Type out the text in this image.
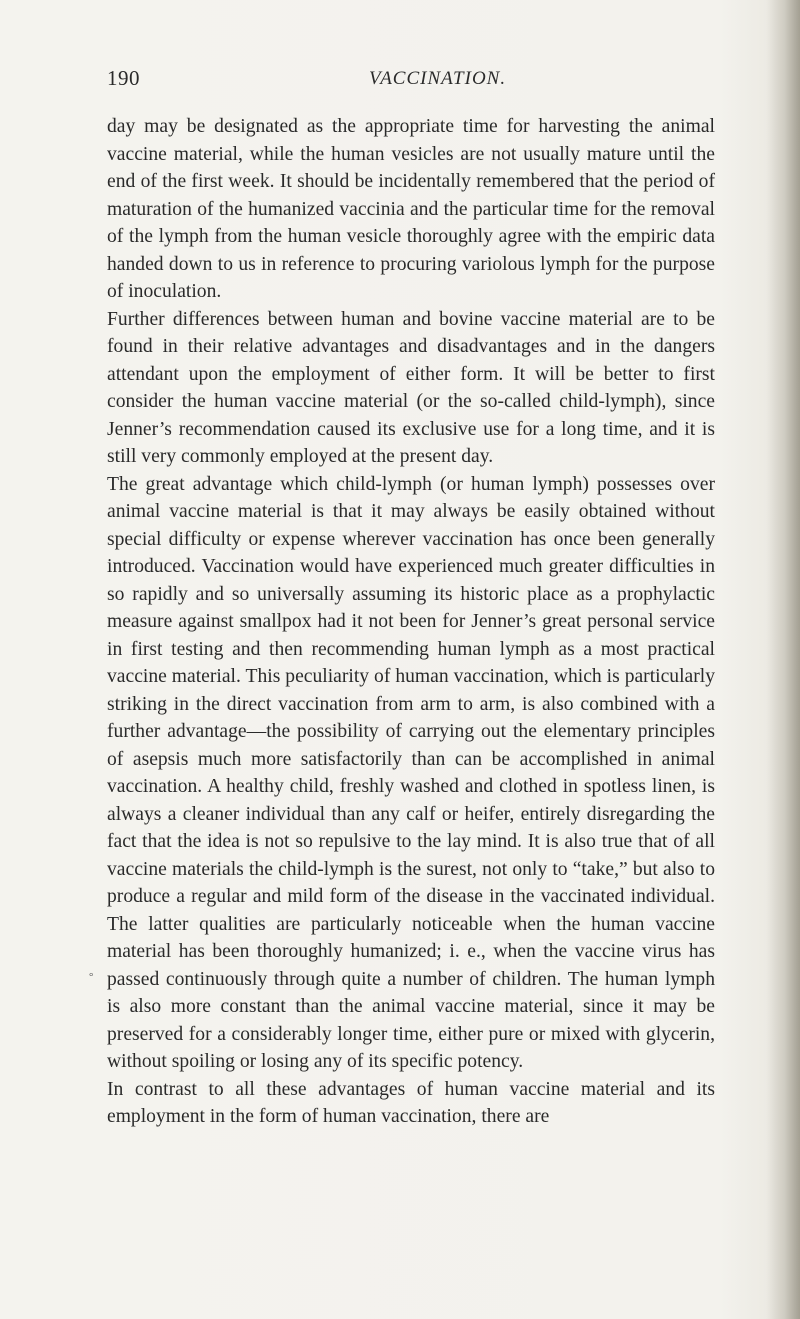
190	VACCINATION.

day may be designated as the appropriate time for harvesting the animal vaccine material, while the human vesicles are not usually mature until the end of the first week. It should be incidentally remembered that the period of maturation of the humanized vaccinia and the particular time for the removal of the lymph from the human vesicle thoroughly agree with the empiric data handed down to us in reference to procuring variolous lymph for the purpose of inoculation.

Further differences between human and bovine vaccine material are to be found in their relative advantages and disadvantages and in the dangers attendant upon the employment of either form. It will be better to first consider the human vaccine material (or the so-called child-lymph), since Jenner’s recommendation caused its exclusive use for a long time, and it is still very commonly employed at the present day.

The great advantage which child-lymph (or human lymph) possesses over animal vaccine material is that it may always be easily obtained without special difficulty or expense wherever vaccination has once been generally introduced. Vaccination would have experienced much greater difficulties in so rapidly and so universally assuming its historic place as a prophylactic measure against smallpox had it not been for Jenner’s great personal service in first testing and then recommending human lymph as a most practical vaccine material. This peculiarity of human vaccination, which is particularly striking in the direct vaccination from arm to arm, is also combined with a further advantage—the possibility of carrying out the elementary principles of asepsis much more satisfactorily than can be accomplished in animal vaccination. A healthy child, freshly washed and clothed in spotless linen, is always a cleaner individual than any calf or heifer, entirely disregarding the fact that the idea is not so repulsive to the lay mind. It is also true that of all vaccine materials the child-lymph is the surest, not only to “take,” but also to produce a regular and mild form of the disease in the vaccinated individual. The latter qualities are particularly noticeable when the human vaccine material has been thoroughly humanized; i. e., when the vaccine virus has passed continuously through quite a number of children. The human lymph is also more constant than the animal vaccine material, since it may be preserved for a considerably longer time, either pure or mixed with glycerin, without spoiling or losing any of its specific potency.

In contrast to all these advantages of human vaccine material and its employment in the form of human vaccination, there are

°
